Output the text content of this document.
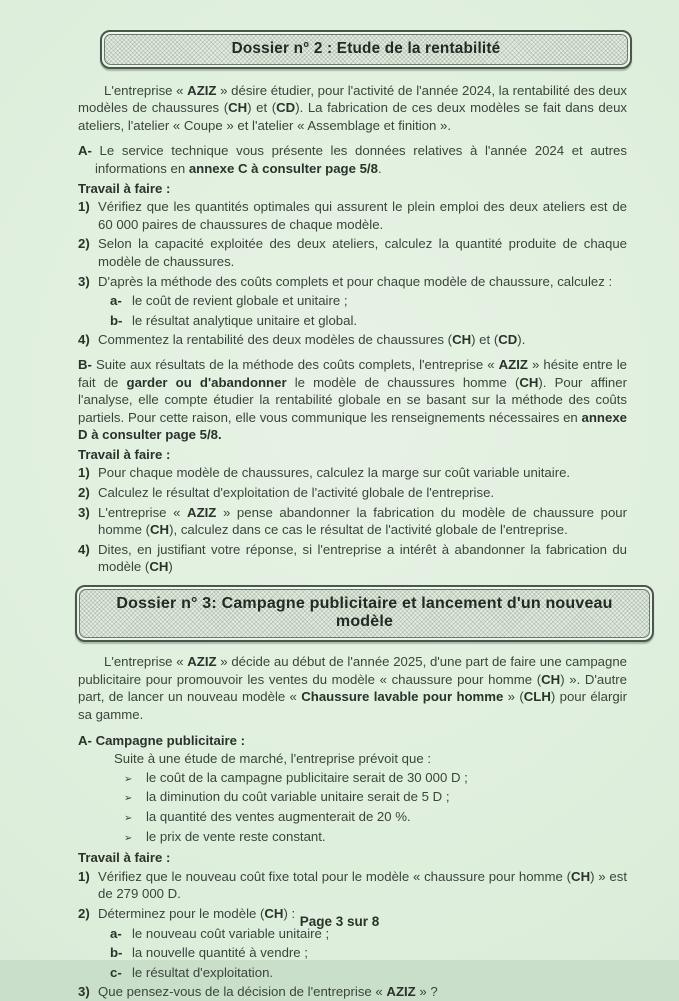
Dossier n° 2 : Etude de la rentabilité

L'entreprise « AZIZ » désire étudier, pour l'activité de l'année 2024, la rentabilité des deux modèles de chaussures (CH) et (CD). La fabrication de ces deux modèles se fait dans deux ateliers, l'atelier « Coupe » et l'atelier « Assemblage et finition ».

A- Le service technique vous présente les données relatives à l'année 2024 et autres informations en annexe C à consulter page 5/8.

Travail à faire :

1) Vérifiez que les quantités optimales qui assurent le plein emploi des deux ateliers est de 60 000 paires de chaussures de chaque modèle.
2) Selon la capacité exploitée des deux ateliers, calculez la quantité produite de chaque modèle de chaussures.
3) D'après la méthode des coûts complets et pour chaque modèle de chaussure, calculez :
a- le coût de revient globale et unitaire ;
b- le résultat analytique unitaire et global.
4) Commentez la rentabilité des deux modèles de chaussures (CH) et (CD).

B- Suite aux résultats de la méthode des coûts complets, l'entreprise « AZIZ » hésite entre le fait de garder ou d'abandonner le modèle de chaussures homme (CH). Pour affiner l'analyse, elle compte étudier la rentabilité globale en se basant sur la méthode des coûts partiels. Pour cette raison, elle vous communique les renseignements nécessaires en annexe D à consulter page 5/8.

Travail à faire :

1) Pour chaque modèle de chaussures, calculez la marge sur coût variable unitaire.
2) Calculez le résultat d'exploitation de l'activité globale de l'entreprise.
3) L'entreprise « AZIZ » pense abandonner la fabrication du modèle de chaussure pour homme (CH), calculez dans ce cas le résultat de l'activité globale de l'entreprise.
4) Dites, en justifiant votre réponse, si l'entreprise a intérêt à abandonner la fabrication du modèle (CH)
Dossier n° 3: Campagne publicitaire et lancement d'un nouveau modèle

L'entreprise « AZIZ » décide au début de l'année 2025, d'une part de faire une campagne publicitaire pour promouvoir les ventes du modèle « chaussure pour homme (CH) ». D'autre part, de lancer un nouveau modèle « Chaussure lavable pour homme » (CLH) pour élargir sa gamme.

A- Campagne publicitaire :

Suite à une étude de marché, l'entreprise prévoit que :

➢	le coût de la campagne publicitaire serait de 30 000 D ;
➢	la diminution du coût variable unitaire serait de 5 D ;
➢	la quantité des ventes augmenterait de 20 %.
➢	le prix de vente reste constant.

Travail à faire :

1) Vérifiez que le nouveau coût fixe total pour le modèle « chaussure pour homme (CH) » est de 279 000 D.
2) Déterminez pour le modèle (CH) :
a- le nouveau coût variable unitaire ;
b- la nouvelle quantité à vendre ;
c- le résultat d'exploitation.
3) Que pensez-vous de la décision de l'entreprise « AZIZ » ?
Page 3 sur 8
